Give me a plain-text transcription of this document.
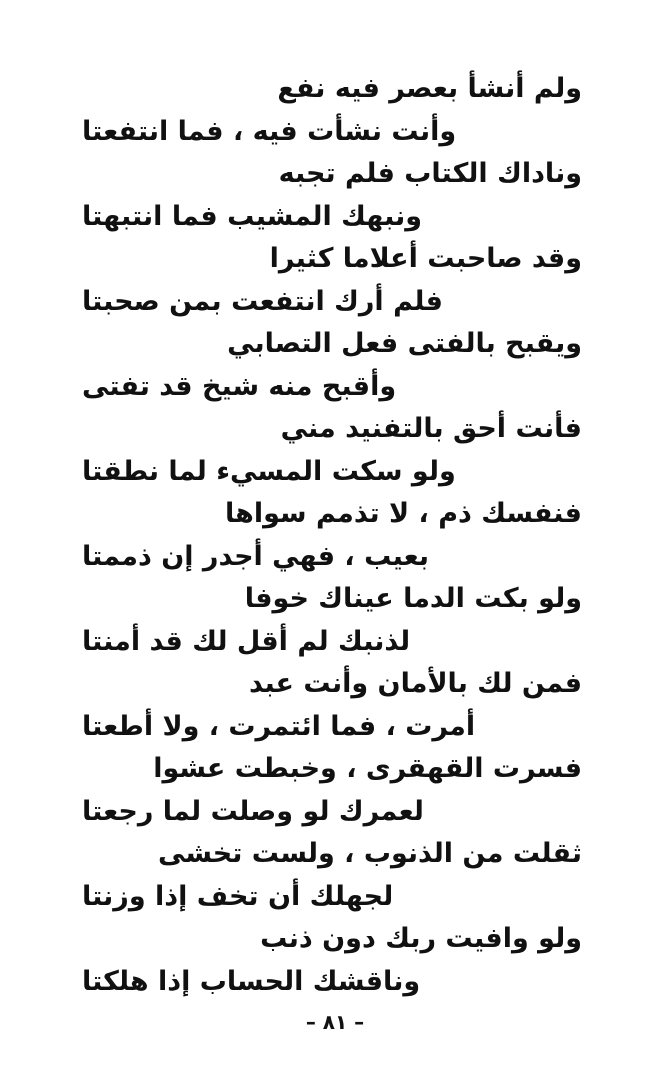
ولم أنشأ بعصر فيه نفع
وأنت نشأت فيه ، فما انتفعتا
وناداك الكتاب فلم تجبه
ونبهك المشيب فما انتبهتا
وقد صاحبت أعلاما كثيرا
فلم أرك انتفعت بمن صحبتا
ويقبح بالفتى فعل التصابي
وأقبح منه شيخ قد تفتى
فأنت أحق بالتفنيد مني
ولو سكت المسيء لما نطقتا
فنفسك ذم ، لا تذمم سواها
بعيب ، فهي أجدر إن ذممتا
ولو بكت الدما عيناك خوفا
لذنبك لم أقل لك قد أمنتا
فمن لك بالأمان وأنت عبد
أمرت ، فما ائتمرت ، ولا أطعتا
فسرت القهقرى ، وخبطت عشوا
لعمرك لو وصلت لما رجعتا
ثقلت من الذنوب ، ولست تخشى
لجهلك أن تخف إذا وزنتا
ولو وافيت ربك دون ذنب
وناقشك الحساب إذا هلكتا
– ٨١ –
